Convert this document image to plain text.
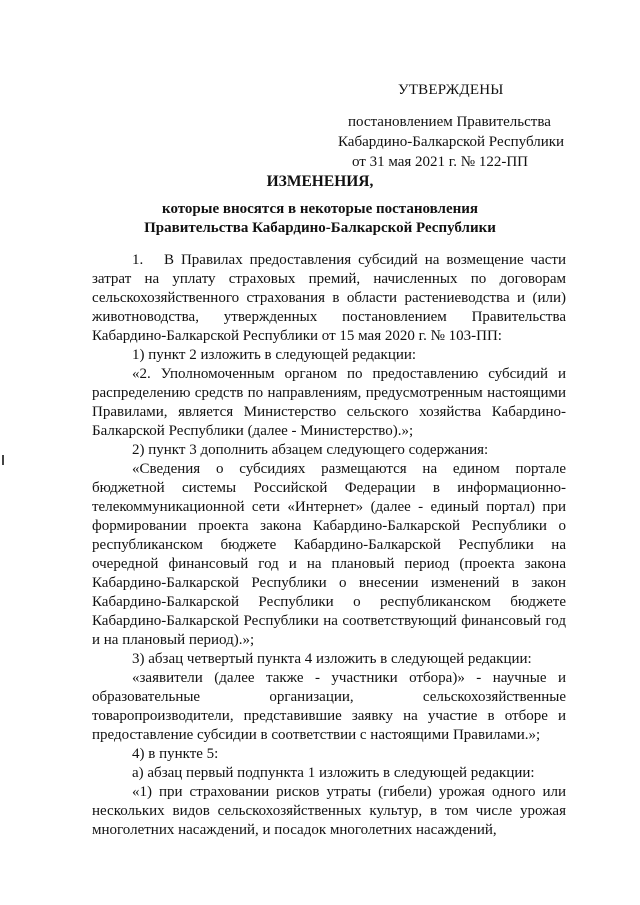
УТВЕРЖДЕНЫ
постановлением Правительства
Кабардино-Балкарской Республики
от 31 мая 2021 г. № 122-ПП
ИЗМЕНЕНИЯ,
которые вносятся в некоторые постановления
Правительства Кабардино-Балкарской Республики

1.   В Правилах предоставления субсидий на возмещение части затрат на уплату страховых премий, начисленных по договорам сельскохозяйственного страхования в области растениеводства и (или) животноводства, утвержденных постановлением Правительства Кабардино-Балкарской Республики от 15 мая 2020 г. № 103-ПП:

1) пункт 2 изложить в следующей редакции:

«2. Уполномоченным органом по предоставлению субсидий и распределению средств по направлениям, предусмотренным настоящими Правилами, является Министерство сельского хозяйства Кабардино-Балкарской Республики (далее - Министерство).»;

2) пункт 3 дополнить абзацем следующего содержания:

«Сведения о субсидиях размещаются на едином портале бюджетной системы Российской Федерации в информационно-телекоммуникационной сети «Интернет» (далее - единый портал) при формировании проекта закона Кабардино-Балкарской Республики о республиканском бюджете Кабардино-Балкарской Республики на очередной финансовый год и на плановый период (проекта закона Кабардино-Балкарской Республики о внесении изменений в закон Кабардино-Балкарской Республики о республиканском бюджете Кабардино-Балкарской Республики на соответствующий финансовый год и на плановый период).»;

3) абзац четвертый пункта 4 изложить в следующей редакции:

«заявители (далее также - участники отбора)» - научные и образовательные организации, сельскохозяйственные товаропроизводители, представившие заявку на участие в отборе и предоставление субсидии в соответствии с настоящими Правилами.»;

4) в пункте 5:

а) абзац первый подпункта 1 изложить в следующей редакции:

«1) при страховании рисков утраты (гибели) урожая одного или нескольких видов сельскохозяйственных культур, в том числе урожая многолетних насаждений, и посадок многолетних насаждений,
